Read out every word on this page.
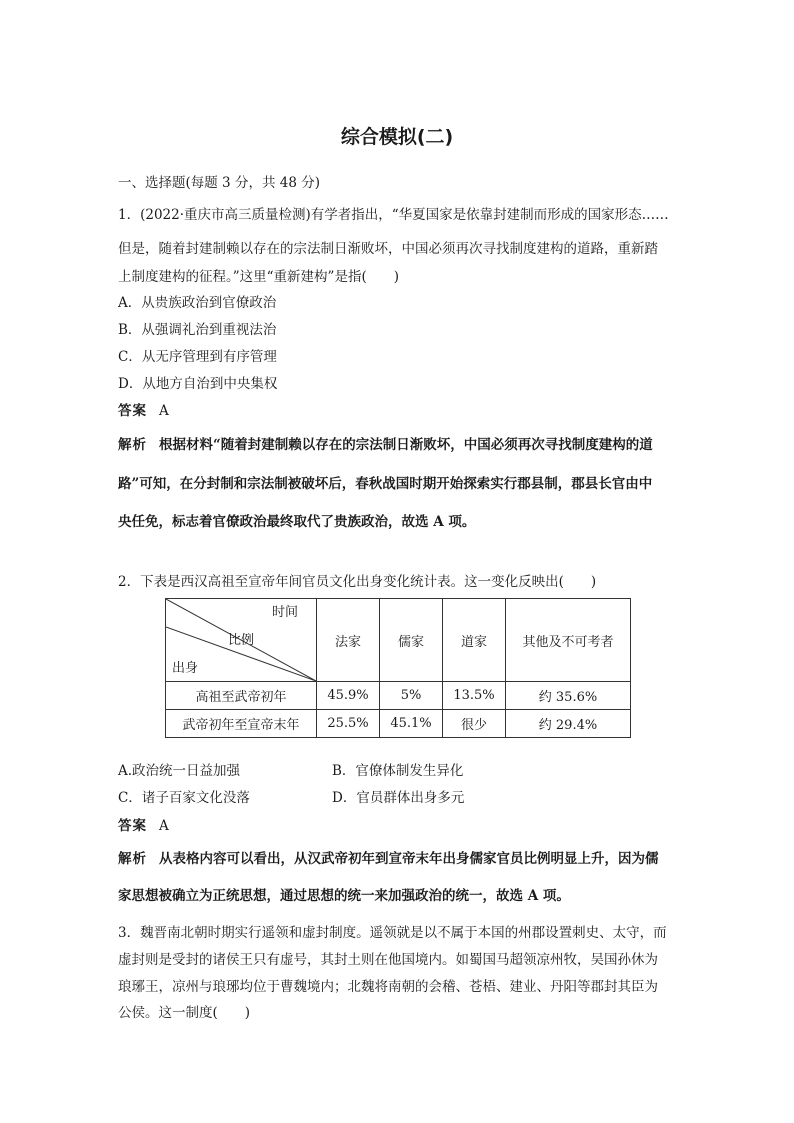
综合模拟(二)
一、选择题(每题 3 分，共 48 分)
1．(2022·重庆市高三质量检测)有学者指出，“华夏国家是依靠封建制而形成的国家形态……
但是，随着封建制赖以存在的宗法制日渐败坏，中国必须再次寻找制度建构的道路，重新踏
上制度建构的征程。”这里“重新建构”是指(　　)
A．从贵族政治到官僚政治
B．从强调礼治到重视法治
C．从无序管理到有序管理
D．从地方自治到中央集权
答案 A
解析 根据材料“随着封建制赖以存在的宗法制日渐败坏，中国必须再次寻找制度建构的道
路”可知，在分封制和宗法制被破坏后，春秋战国时期开始探索实行郡县制，郡县长官由中
央任免，标志着官僚政治最终取代了贵族政治，故选 A 项。
2．下表是西汉高祖至宣帝年间官员文化出身变化统计表。这一变化反映出(　　)
时间
比例
出身	法家	儒家	道家	其他及不可考者
高祖至武帝初年	45.9%	5%	13.5%	约 35.6%
武帝初年至宣帝末年	25.5%	45.1%	很少	约 29.4%
A.政治统一日益加强	B．官僚体制发生异化
C．诸子百家文化没落	D．官员群体出身多元
答案 A
解析 从表格内容可以看出，从汉武帝初年到宣帝末年出身儒家官员比例明显上升，因为儒
家思想被确立为正统思想，通过思想的统一来加强政治的统一，故选 A 项。
3．魏晋南北朝时期实行遥领和虚封制度。遥领就是以不属于本国的州郡设置刺史、太守，而
虚封则是受封的诸侯王只有虚号，其封土则在他国境内。如蜀国马超领凉州牧，吴国孙休为
琅琊王，凉州与琅琊均位于曹魏境内；北魏将南朝的会稽、苍梧、建业、丹阳等郡封其臣为
公侯。这一制度(　　)
